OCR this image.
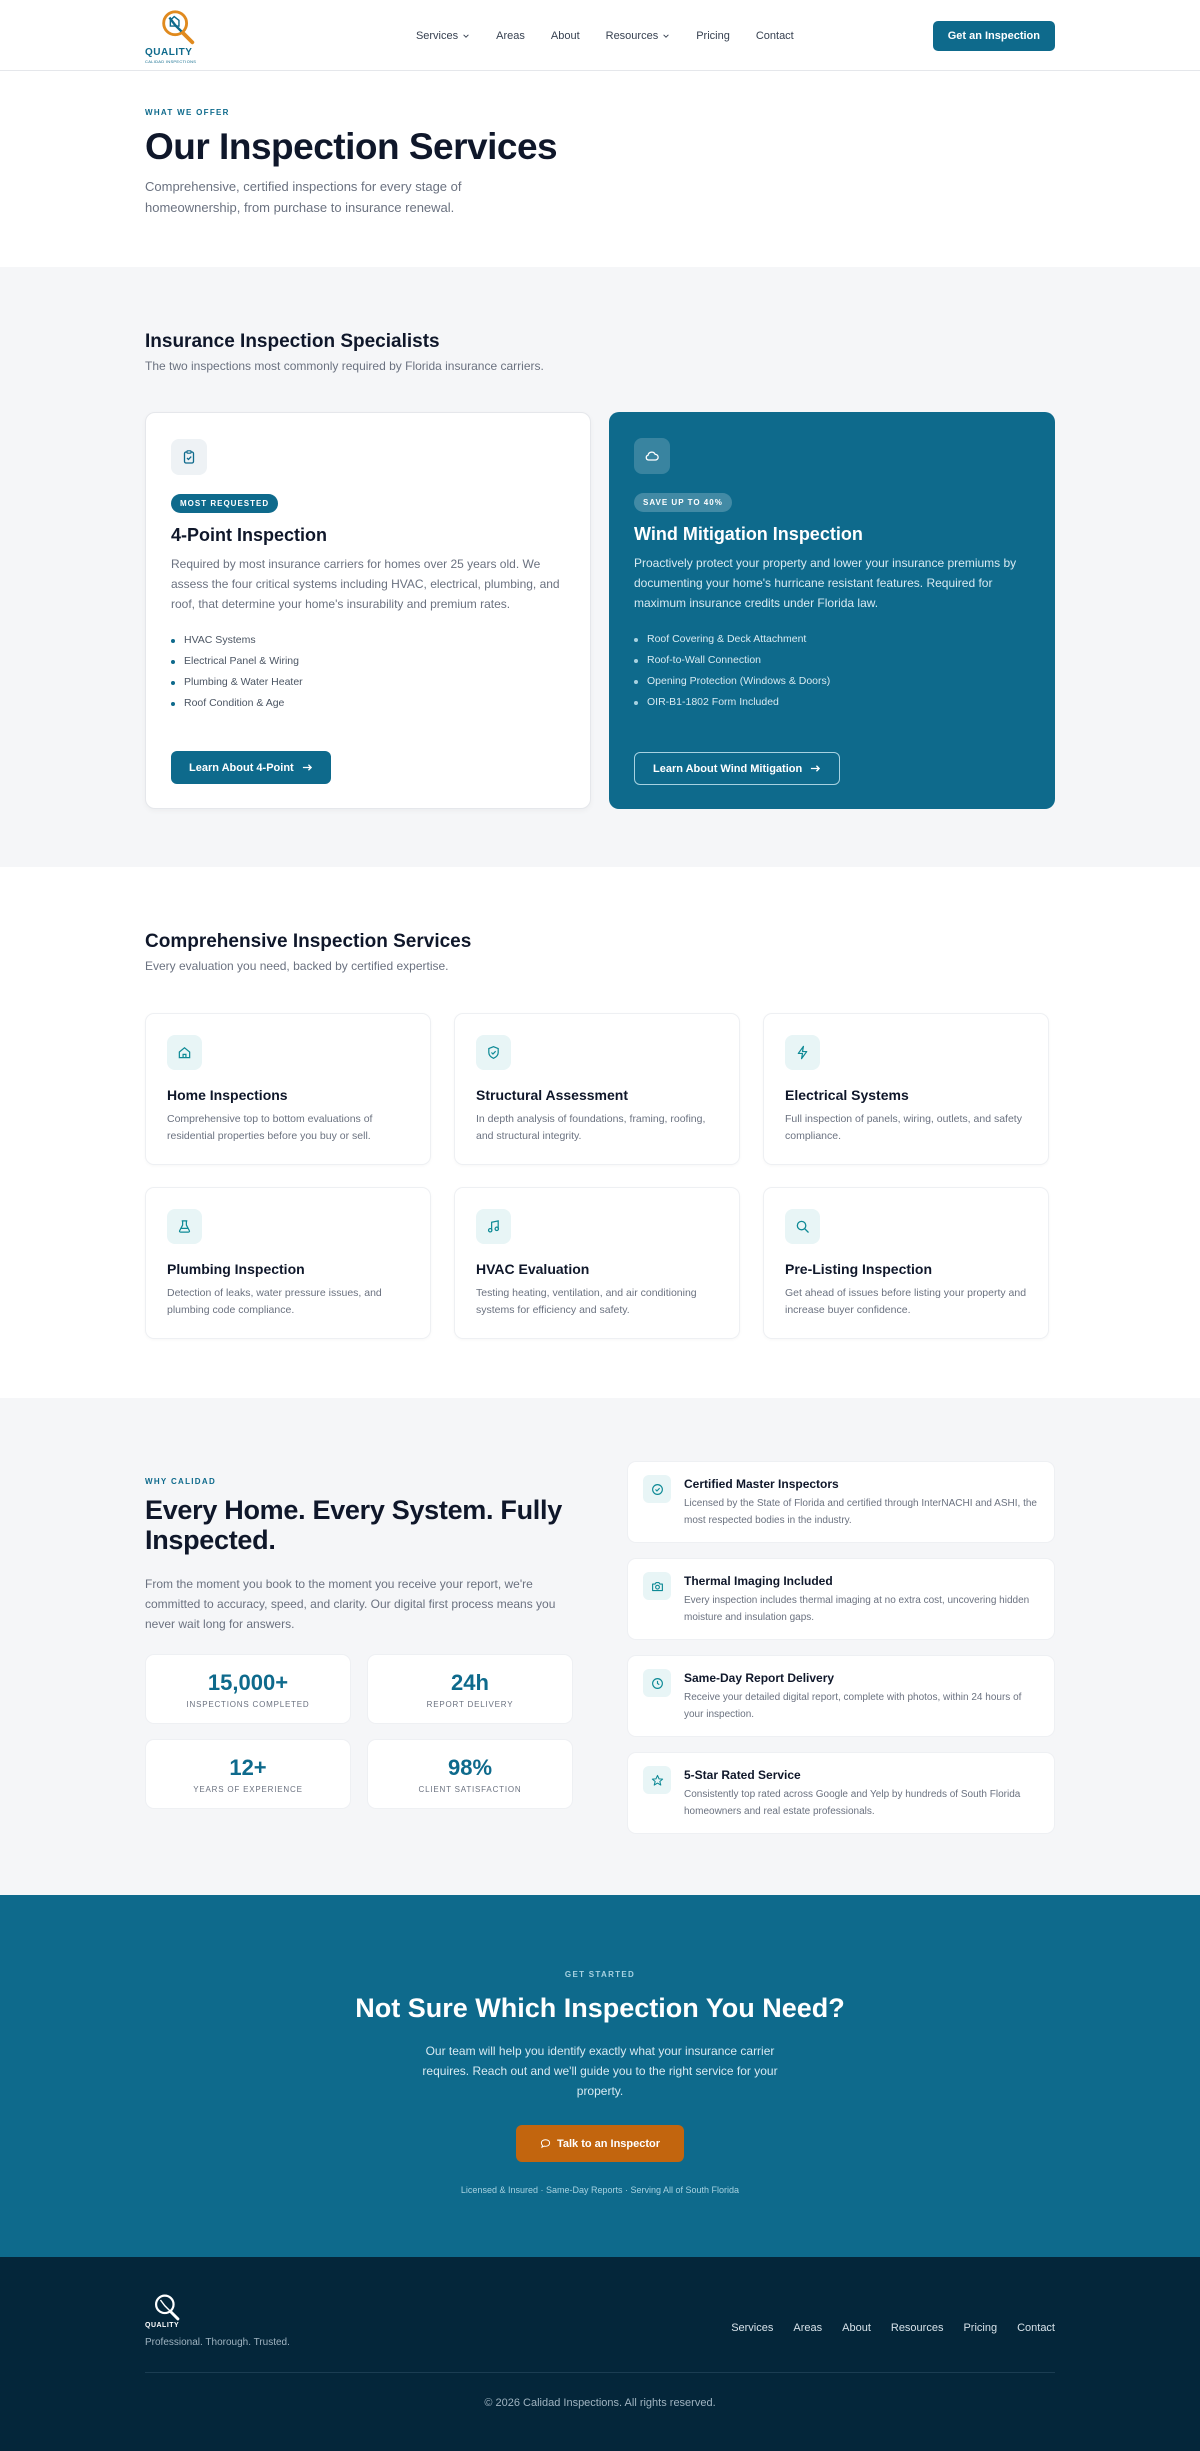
QUALITY
CALIDAD INSPECTIONS
Services	Areas About Resources	Pricing Contact	Get an Inspection
WHAT WE OFFER
Our Inspection Services

Comprehensive, certified inspections for every stage of homeownership, from purchase to insurance renewal.

Insurance Inspection Specialists
The two inspections most commonly required by Florida insurance carriers.
MOST REQUESTED
4-Point Inspection

Required by most insurance carriers for homes over 25 years old. We assess the four critical systems including HVAC, electrical, plumbing, and roof, that determine your home's insurability and premium rates.

HVAC Systems
Electrical Panel & Wiring
Plumbing & Water Heater
Roof Condition & Age
Learn About 4-Point
SAVE UP TO 40%
Wind Mitigation Inspection

Proactively protect your property and lower your insurance premiums by documenting your home's hurricane resistant features. Required for maximum insurance credits under Florida law.

Roof Covering & Deck Attachment
Roof-to-Wall Connection
Opening Protection (Windows & Doors)
OIR-B1-1802 Form Included
Learn About Wind Mitigation
Comprehensive Inspection Services
Every evaluation you need, backed by certified expertise.
Home Inspections

Comprehensive top to bottom evaluations of residential properties before you buy or sell.

Structural Assessment

In depth analysis of foundations, framing, roofing, and structural integrity.

Electrical Systems

Full inspection of panels, wiring, outlets, and safety compliance.

Plumbing Inspection

Detection of leaks, water pressure issues, and plumbing code compliance.

HVAC Evaluation

Testing heating, ventilation, and air conditioning systems for efficiency and safety.

Pre-Listing Inspection

Get ahead of issues before listing your property and increase buyer confidence.

WHY CALIDAD
Every Home. Every System. Fully Inspected.

From the moment you book to the moment you receive your report, we're committed to accuracy, speed, and clarity. Our digital first process means you never wait long for answers.

15,000+
INSPECTIONS COMPLETED
24h
REPORT DELIVERY
12+
YEARS OF EXPERIENCE
98%
CLIENT SATISFACTION
Certified Master Inspectors

Licensed by the State of Florida and certified through InterNACHI and ASHI, the most respected bodies in the industry.

Thermal Imaging Included

Every inspection includes thermal imaging at no extra cost, uncovering hidden moisture and insulation gaps.

Same-Day Report Delivery

Receive your detailed digital report, complete with photos, within 24 hours of your inspection.

5-Star Rated Service

Consistently top rated across Google and Yelp by hundreds of South Florida homeowners and real estate professionals.

GET STARTED
Not Sure Which Inspection You Need?

Our team will help you identify exactly what your insurance carrier requires. Reach out and we'll guide you to the right service for your property.

Talk to an Inspector
Licensed & Insured · Same-Day Reports · Serving All of South Florida
QUALITY
Professional. Thorough. Trusted.
Services Areas About Resources Pricing Contact
© 2026 Calidad Inspections. All rights reserved.
